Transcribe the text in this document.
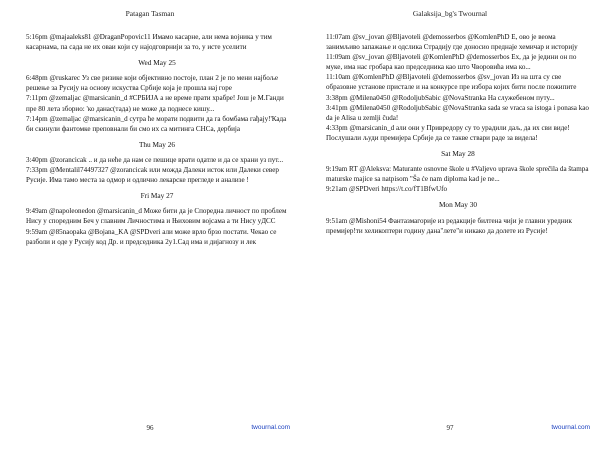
Patagan Tasman

5:16pm @majaaleks81 @DraganPopovic11 Имамо касарне, али нема војника у тим касарнама, па сада не их оваи који су најодговрнији за то, у исте уселити

Wed May 25

6:48pm @ruskarec Уз све ризике који објективно постоје, план 2 је по мени најбоље решење за Русију на основу искуства Србије која је прошла нај горе

7:11pm @zemaljac @marsicanin_d #СРБИЈА а не време прати храбре! Још је М.Ганди пре 80 лета зборио: 'ко данас(тада) не може да поднесе кишу...

7:14pm @zemaljac @marsicanin_d сутра ће морати подвити да га бомбама гађају!'Када би скинули фантомке преповнали би смо их са митинга СНСа, дербија

Thu May 26

3:40pm @zorancicak .. и да неће да нам се пешице врати одатле и да се храни уз пут...

7:33pm @Mentalil74497327 @zorancicak или можда Далеки исток или Далеки север Русије. Има тамо места за одмор и одлично лекарске прегледе и анализе !

Fri May 27

9:49am @napoleonedon @marsicanin_d Може бити да је Споредна личност по проблем Нису у споредним Беч у главним Личностима и Њиховим војсама а ти Нису уДСС

9:59am @85naopaka @Bojana_KA @SPDveri али може врло брзо постати. Чекао се разболи и оде у Русију код Др. и председника 2у1.Сад има и дијагнозу и лек

96	twournal.com
Galaksija_bg's Twournal

11:07am @sv_jovan @Bljavoteli @demosserbos @KomlenPhD Е, ово је веома занимљиво запажање и одслика Страдију где доносио преднаје хемичар и историју

11:09am @sv_jovan @Bljavoteli @KomlenPhD @demosserbos Ех, да је једини он по муке, има нас гробара као председника као што Чворовића има ко...

11:10am @KomlenPhD @Bljavoteli @demosserbos @sv_jovan Из на шта су све образовне установе пристале и на конкурсе пре избора којих бити после пожипите

3:38pm @Milena0450 @RodoljubSabic @NovaStranka На служебеном путу...

3:41pm @Milena0450 @RodoljubSabic @NovaStranka sada se vraca sa istoga i ponasa kao da je Alisa u zemlji čuda!

4:33pm @marsicanin_d али они у Привредору су то урадили даљ, да их сви виде! Послушали људи премијера Србије да се такве ствари раде за видела!

Sat May 28

9:19am RT @Aleksva: Maturante osnovne škole u #Valjevo uprava škole sprečila da štampa maturske majice sa natpisom "Ša će nam diploma kad je ne...

9:21am @SPDveri https://t.co/fT1BfwUfo

Mon May 30

9:51am @Mishoni54 Фантазмагорије из редакције билтена чији је главни уредник премијер!ти хеликоптери годину дана"лете"и никако да долете из Русије!

97	twournal.com
